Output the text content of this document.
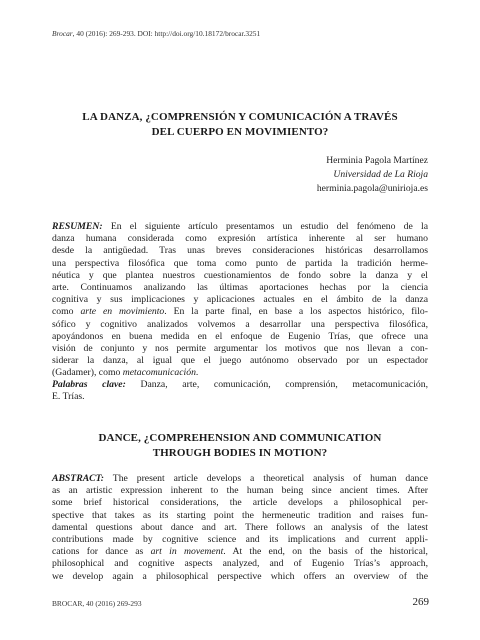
Brocar, 40 (2016): 269-293. DOI: http://doi.org/10.18172/brocar.3251
LA DANZA, ¿COMPRENSIÓN Y COMUNICACIÓN A TRAVÉS
DEL CUERPO EN MOVIMIENTO?
Herminia Pagola Martínez
Universidad de La Rioja
herminia.pagola@unirioja.es
RESUMEN: En el siguiente artículo presentamos un estudio del fenómeno de la
danza humana considerada como expresión artística inherente al ser humano
desde la antigüedad. Tras unas breves consideraciones históricas desarrollamos
una perspectiva filosófica que toma como punto de partida la tradición herme-
néutica y que plantea nuestros cuestionamientos de fondo sobre la danza y el
arte. Continuamos analizando las últimas aportaciones hechas por la ciencia
cognitiva y sus implicaciones y aplicaciones actuales en el ámbito de la danza
como arte en movimiento. En la parte final, en base a los aspectos histórico, filo-
sófico y cognitivo analizados volvemos a desarrollar una perspectiva filosófica,
apoyándonos en buena medida en el enfoque de Eugenio Trías, que ofrece una
visión de conjunto y nos permite argumentar los motivos que nos llevan a con-
siderar la danza, al igual que el juego autónomo observado por un espectador
(Gadamer), como metacomunicación.
Palabras clave: Danza, arte, comunicación, comprensión, metacomunicación,
E. Trías.
DANCE, ¿COMPREHENSION AND COMMUNICATION
THROUGH BODIES IN MOTION?
ABSTRACT: The present article develops a theoretical analysis of human dance
as an artistic expression inherent to the human being since ancient times. After
some brief historical considerations, the article develops a philosophical per-
spective that takes as its starting point the hermeneutic tradition and raises fun-
damental questions about dance and art. There follows an analysis of the latest
contributions made by cognitive science and its implications and current appli-
cations for dance as art in movement. At the end, on the basis of the historical,
philosophical and cognitive aspects analyzed, and of Eugenio Trías’s approach,
we develop again a philosophical perspective which offers an overview of the
BROCAR, 40 (2016) 269-293	269
